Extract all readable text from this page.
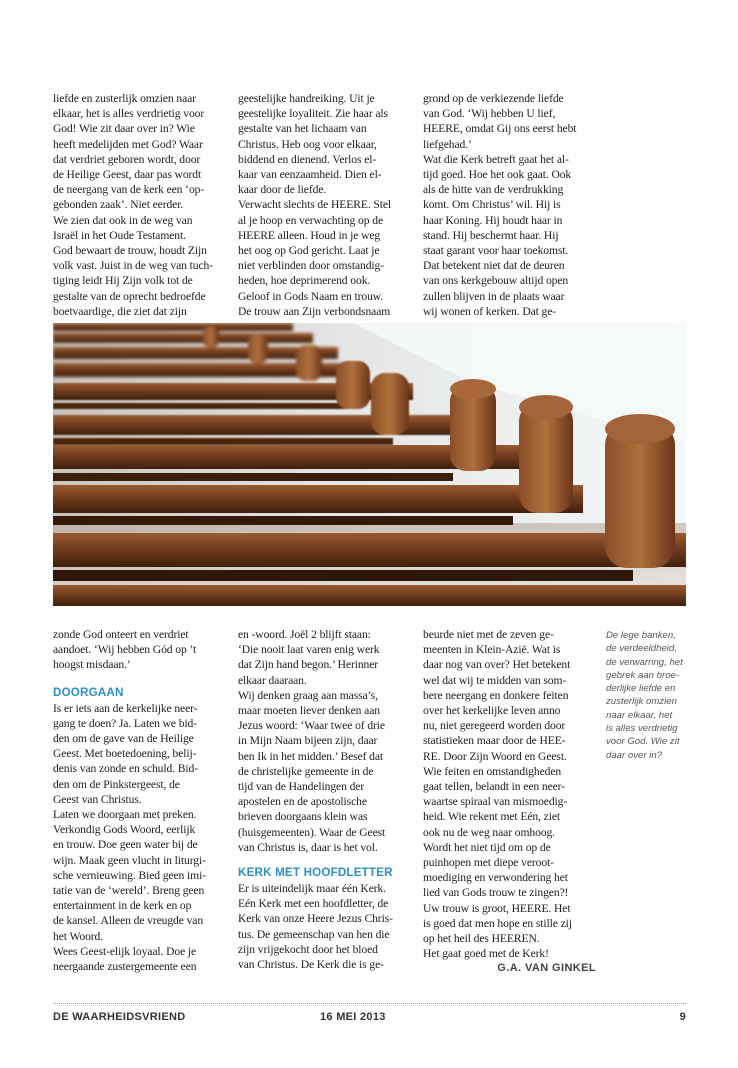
liefde en zusterlijk omzien naar

elkaar, het is alles verdrietig voor

God! Wie zit daar over in? Wie

heeft medelijden met God? Waar

dat verdriet geboren wordt, door

de Heilige Geest, daar pas wordt

de neergang van de kerk een ‘op-

gebonden zaak’. Niet eerder.

We zien dat ook in de weg van

Israël in het Oude Testament.

God bewaart de trouw, houdt Zijn

volk vast. Juist in de weg van tuch-

tiging leidt Hij Zijn volk tot de

gestalte van de oprecht bedroefde

boetvaardige, die ziet dat zijn

geestelijke handreiking. Uit je

geestelijke loyaliteit. Zie haar als

gestalte van het lichaam van

Christus. Heb oog voor elkaar,

biddend en dienend. Verlos el-

kaar van eenzaamheid. Dien el-

kaar door de liefde.

Verwacht slechts de HEERE. Stel

al je hoop en verwachting op de

HEERE alleen. Houd in je weg

het oog op God gericht. Laat je

niet verblinden door omstandig-

heden, hoe deprimerend ook.

Geloof in Gods Naam en trouw.

De trouw aan Zijn verbondsnaam

grond op de verkiezende liefde

van God. ‘Wij hebben U lief,

HEERE, omdat Gij ons eerst hebt

liefgehad.’

Wat die Kerk betreft gaat het al-

tijd goed. Hoe het ook gaat. Ook

als de hitte van de verdrukking

komt. Om Christus’ wil. Hij is

haar Koning. Hij houdt haar in

stand. Hij beschermt haar. Hij

staat garant voor haar toekomst.

Dat betekent niet dat de deuren

van ons kerkgebouw altijd open

zullen blijven in de plaats waar

wij wonen of kerken. Dat ge-

zonde God onteert en verdriet

aandoet. ‘Wij hebben Gód op ’t

hoogst misdaan.’

DOORGAAN

Is er iets aan de kerkelijke neer-

gang te doen? Ja. Laten we bid-

den om de gave van de Heilige

Geest. Met boetedoening, belij-

denis van zonde en schuld. Bid-

den om de Pinkstergeest, de

Geest van Christus.

Laten we doorgaan met preken.

Verkondig Gods Woord, eerlijk

en trouw. Doe geen water bij de

wijn. Maak geen vlucht in liturgi-

sche vernieuwing. Bied geen imi-

tatie van de ‘wereld’. Breng geen

entertainment in de kerk en op

de kansel. Alleen de vreugde van

het Woord.

Wees Geest-elijk loyaal. Doe je

neergaande zustergemeente een

en -woord. Joël 2 blijft staan:

‘Die nooit laat varen enig werk

dat Zijn hand begon.’ Herinner

elkaar daaraan.

Wij denken graag aan massa’s,

maar moeten liever denken aan

Jezus woord: ‘Waar twee of drie

in Mijn Naam bijeen zijn, daar

ben Ik in het midden.’ Besef dat

de christelijke gemeente in de

tijd van de Handelingen der

apostelen en de apostolische

brieven doorgaans klein was

(huisgemeenten). Waar de Geest

van Christus is, daar is het vol.

KERK MET HOOFDLETTER

Er is uiteindelijk maar één Kerk.

Eén Kerk met een hoofdletter, de

Kerk van onze Heere Jezus Chris-

tus. De gemeenschap van hen die

zijn vrijgekocht door het bloed

van Christus. De Kerk die is ge-

beurde niet met de zeven ge-

meenten in Klein-Azië. Wat is

daar nog van over? Het betekent

wel dat wij te midden van som-

bere neergang en donkere feiten

over het kerkelijke leven anno

nu, niet geregeerd worden door

statistieken maar door de HEE-

RE. Door Zijn Woord en Geest.

Wie feiten en omstandigheden

gaat tellen, belandt in een neer-

waartse spiraal van mismoedig-

heid. Wie rekent met Eén, ziet

ook nu de weg naar omhoog.

Wordt het niet tijd om op de

puinhopen met diepe veroot-

moediging en verwondering het

lied van Gods trouw te zingen?!

Uw trouw is groot, HEERE. Het

is goed dat men hope en stille zij

op het heil des HEEREN.

Het gaat goed met de Kerk!

G.A. VAN GINKEL

De lege banken,
de verdeeldheid,
de verwarring, het
gebrek aan broe-
derlijke liefde en
zusterlijk omzien
naar elkaar, het
is alles verdrietig
voor God. Wie zit
daar over in?
DE WAARHEIDSVRIEND	16 MEI 2013	9
